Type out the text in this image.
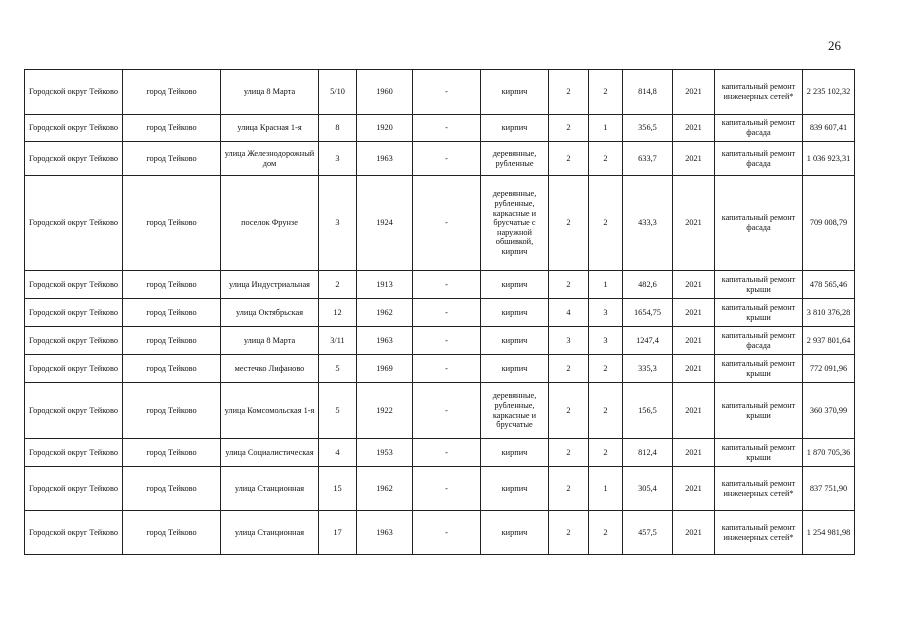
26
Городской округ Тейково	город Тейково	улица 8 Марта	5/10	1960	-	кирпич	2	2	814,8	2021	капитальный ремонт инженерных сетей*	2 235 102,32
Городской округ Тейково	город Тейково	улица Красная 1-я	8	1920	-	кирпич	2	1	356,5	2021	капитальный ремонт фасада	839 607,41
Городской округ Тейково	город Тейково	улица Железнодорожный дом	3	1963	-	деревянные, рубленные	2	2	633,7	2021	капитальный ремонт фасада	1 036 923,31
Городской округ Тейково	город Тейково	поселок Фрунзе	3	1924	-	деревянные, рубленные, каркасные и брусчатые с наружной обшивкой, кирпич	2	2	433,3	2021	капитальный ремонт фасада	709 008,79
Городской округ Тейково	город Тейково	улица Индустриальная	2	1913	-	кирпич	2	1	482,6	2021	капитальный ремонт крыши	478 565,46
Городской округ Тейково	город Тейково	улица Октябрьская	12	1962	-	кирпич	4	3	1654,75	2021	капитальный ремонт крыши	3 810 376,28
Городской округ Тейково	город Тейково	улица 8 Марта	3/11	1963	-	кирпич	3	3	1247,4	2021	капитальный ремонт фасада	2 937 801,64
Городской округ Тейково	город Тейково	местечко Лифаново	5	1969	-	кирпич	2	2	335,3	2021	капитальный ремонт крыши	772 091,96
Городской округ Тейково	город Тейково	улица Комсомольская 1-я	5	1922	-	деревянные, рубленные, каркасные и брусчатые	2	2	156,5	2021	капитальный ремонт крыши	360 370,99
Городской округ Тейково	город Тейково	улица Социалистическая	4	1953	-	кирпич	2	2	812,4	2021	капитальный ремонт крыши	1 870 705,36
Городской округ Тейково	город Тейково	улица Станционная	15	1962	-	кирпич	2	1	305,4	2021	капитальный ремонт инженерных сетей*	837 751,90
Городской округ Тейково	город Тейково	улица Станционная	17	1963	-	кирпич	2	2	457,5	2021	капитальный ремонт инженерных сетей*	1 254 981,98
